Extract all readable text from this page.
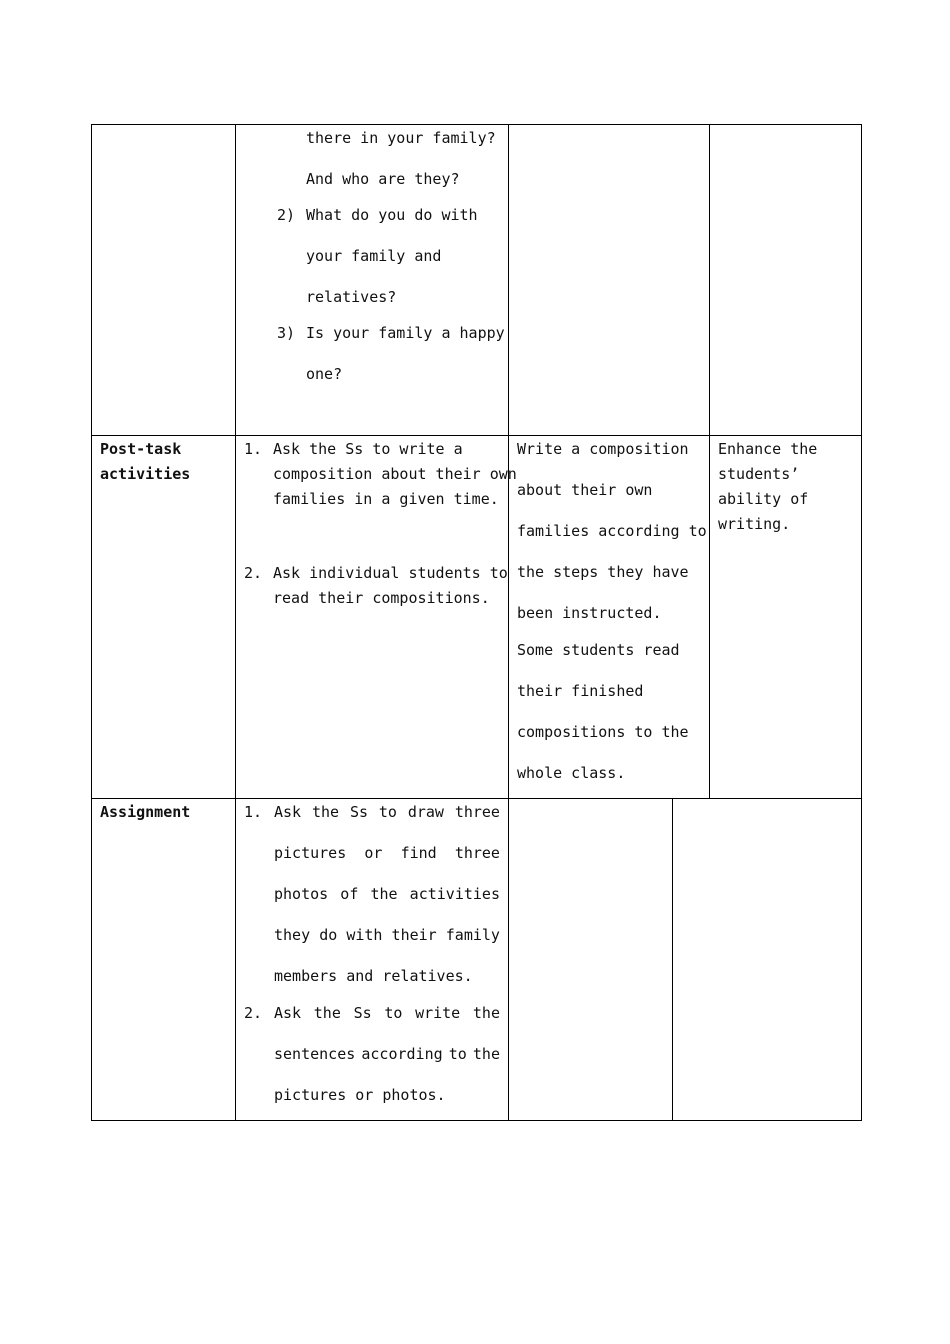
there in your family?
And who are they?
2) What do you do with
your family and
relatives?
3) Is your family a happy
one?
Post-task
activities
1. Ask the Ss to write a
composition about their own
families in a given time.
2. Ask individual students to
read their compositions.
Write a composition
about their own
families according to
the steps they have
been instructed.
Some students read
their finished
compositions to the
whole class.
Enhance the
students’
ability of
writing.
Assignment	1. Ask the Ss to draw three
pictures or find three
photos of the activities
they do with their family
members and relatives.
2. Ask the Ss to write the
sentences according to the
pictures or photos.
